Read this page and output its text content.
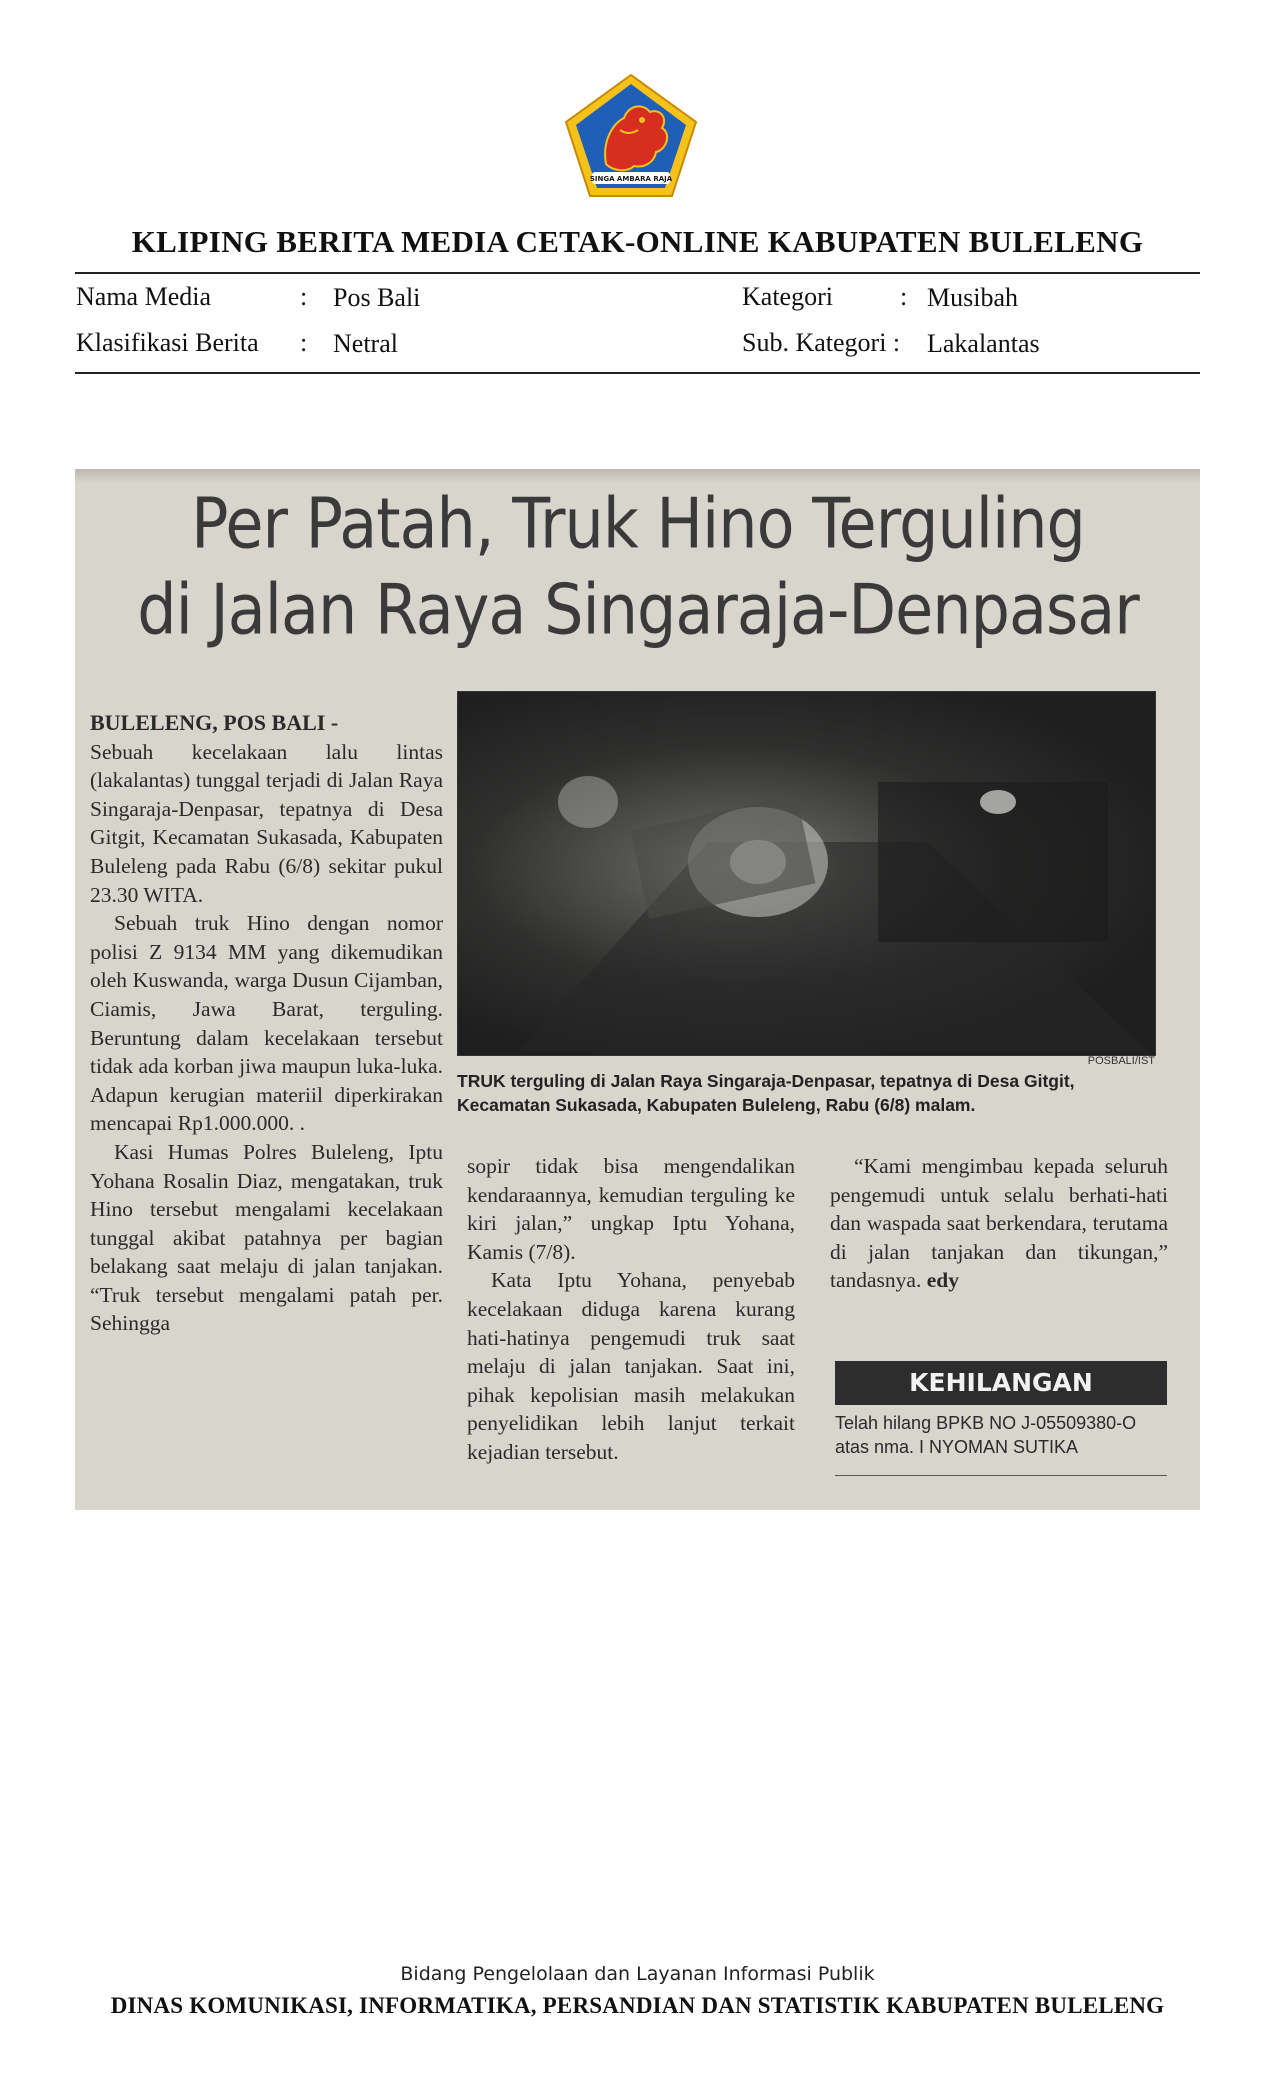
SINGA AMBARA RAJA
KLIPING BERITA MEDIA CETAK-ONLINE KABUPATEN BULELENG
Nama Media	: Pos Bali	Kategori	: Musibah
Klasifikasi Berita : Netral	Sub. Kategori : Lakalantas
Per Patah, Truk Hino Terguling
di Jalan Raya Singaraja-Denpasar

BULELENG, POS BALI -

Sebuah kecelakaan lalu lintas (lakalantas) tunggal terjadi di Jalan Raya Singaraja-Denpasar, tepatnya di Desa Gitgit, Kecamatan Sukasada, Kabupaten Buleleng pada Rabu (6/8) sekitar pukul 23.30 WITA.

Sebuah truk Hino dengan nomor polisi Z 9134 MM yang dikemudikan oleh Kuswanda, warga Dusun Cijamban, Ciamis, Jawa Barat, terguling. Beruntung dalam kecelakaan tersebut tidak ada korban jiwa maupun luka-luka. Adapun kerugian materiil diperkirakan mencapai Rp1.000.000. .

Kasi Humas Polres Buleleng, Iptu Yohana Rosalin Diaz, mengatakan, truk Hino tersebut mengalami kecelakaan tunggal akibat patahnya per bagian belakang saat melaju di jalan tanjakan. “Truk tersebut mengalami patah per. Sehingga

POSBALI/IST
TRUK terguling di Jalan Raya Singaraja-Denpasar, tepatnya di Desa Gitgit, Kecamatan Sukasada, Kabupaten Buleleng, Rabu (6/8) malam.

sopir tidak bisa mengendalikan kendaraannya, kemudian terguling ke kiri jalan,” ungkap Iptu Yohana, Kamis (7/8).

Kata Iptu Yohana, penyebab kecelakaan diduga karena kurang hati-hatinya pengemudi truk saat melaju di jalan tanjakan. Saat ini, pihak kepolisian masih melakukan penyelidikan lebih lanjut terkait kejadian tersebut.

“Kami mengimbau kepada seluruh pengemudi untuk selalu berhati-hati dan waspada saat berkendara, terutama di jalan tanjakan dan tikungan,” tandasnya. edy

KEHILANGAN
Telah hilang BPKB NO J-05509380-O atas nma. I NYOMAN SUTIKA
Bidang Pengelolaan dan Layanan Informasi Publik
DINAS KOMUNIKASI, INFORMATIKA, PERSANDIAN DAN STATISTIK KABUPATEN BULELENG
